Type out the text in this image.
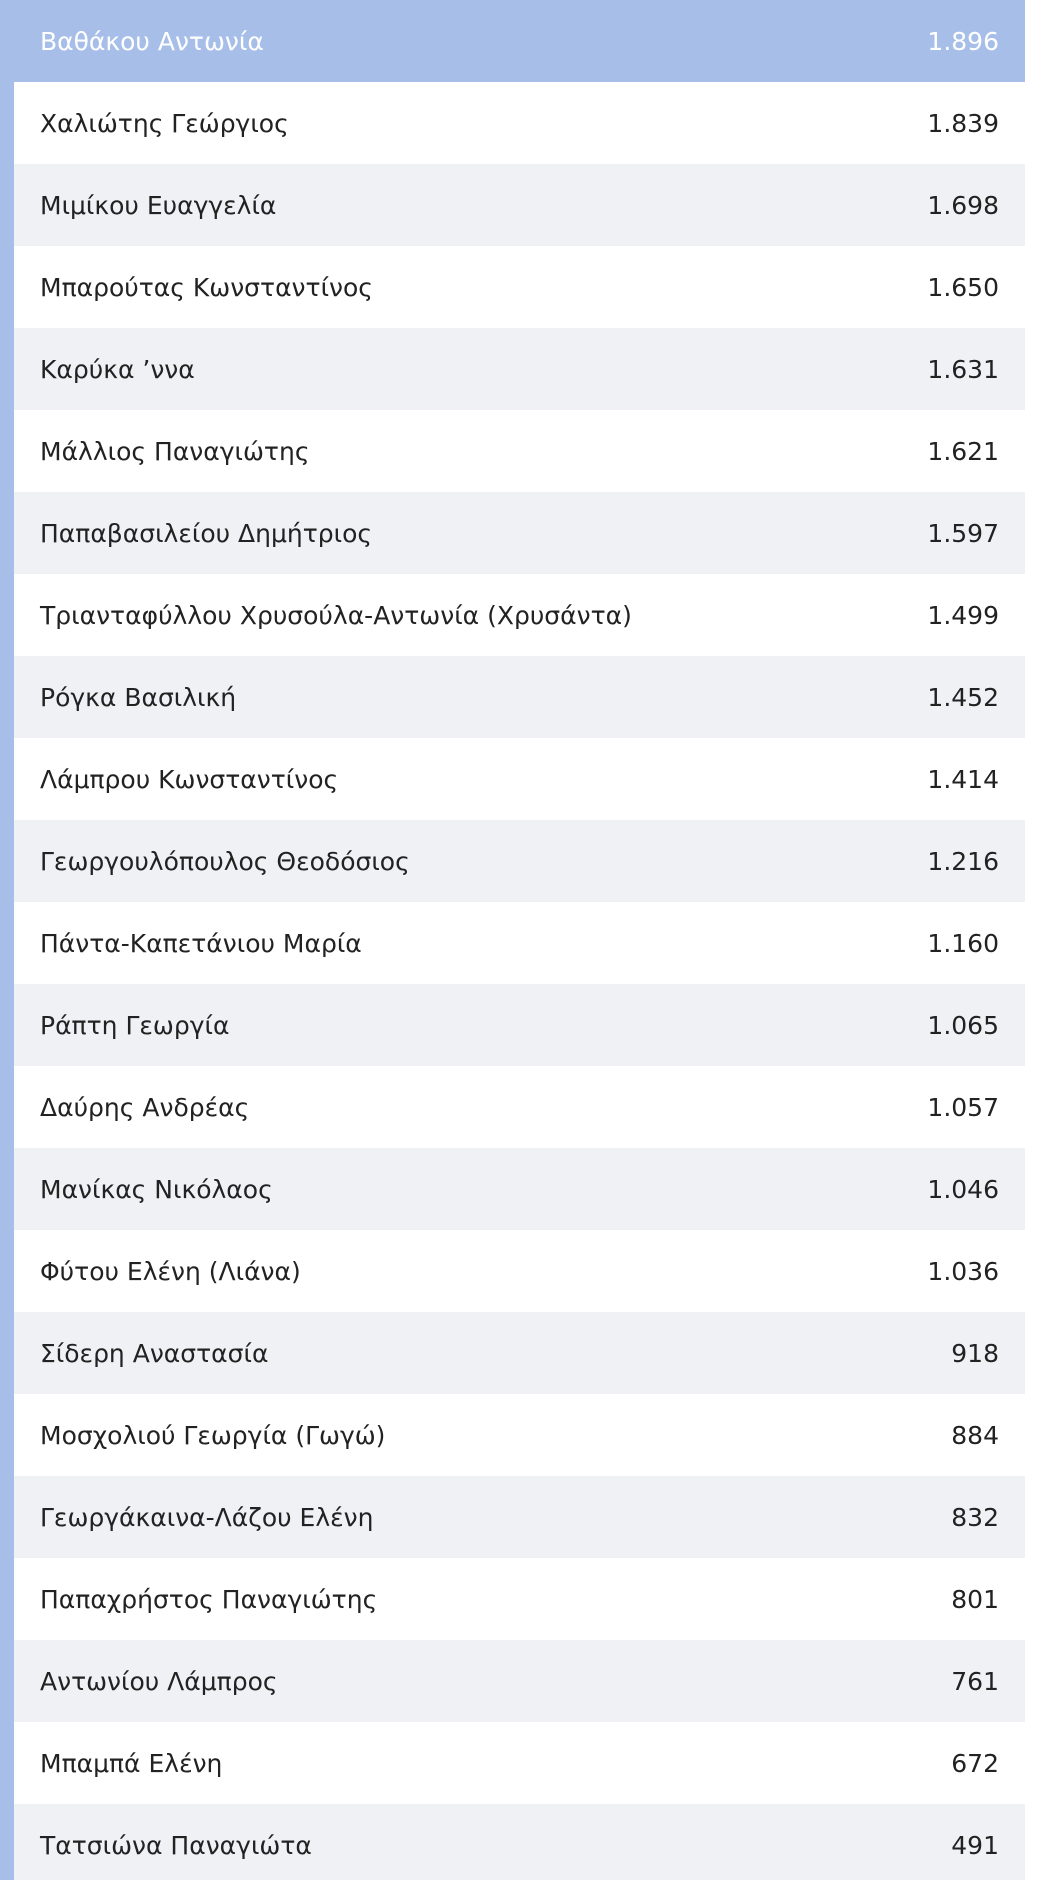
Βαθάκου Αντωνία	1.896
Χαλιώτης Γεώργιος	1.839
Μιμίκου Ευαγγελία	1.698
Μπαρούτας Κωνσταντίνος	1.650
Καρύκα ’ννα	1.631
Μάλλιος Παναγιώτης	1.621
Παπαβασιλείου Δημήτριος	1.597
Τριανταφύλλου Χρυσούλα-Αντωνία (Χρυσάντα)	1.499
Ρόγκα Βασιλική	1.452
Λάμπρου Κωνσταντίνος	1.414
Γεωργουλόπουλος Θεοδόσιος	1.216
Πάντα-Καπετάνιου Μαρία	1.160
Ράπτη Γεωργία	1.065
Δαύρης Ανδρέας	1.057
Μανίκας Νικόλαος	1.046
Φύτου Ελένη (Λιάνα)	1.036
Σίδερη Αναστασία	918
Μοσχολιού Γεωργία (Γωγώ)	884
Γεωργάκαινα-Λάζου Ελένη	832
Παπαχρήστος Παναγιώτης	801
Αντωνίου Λάμπρος	761
Μπαμπά Ελένη	672
Τατσιώνα Παναγιώτα	491
